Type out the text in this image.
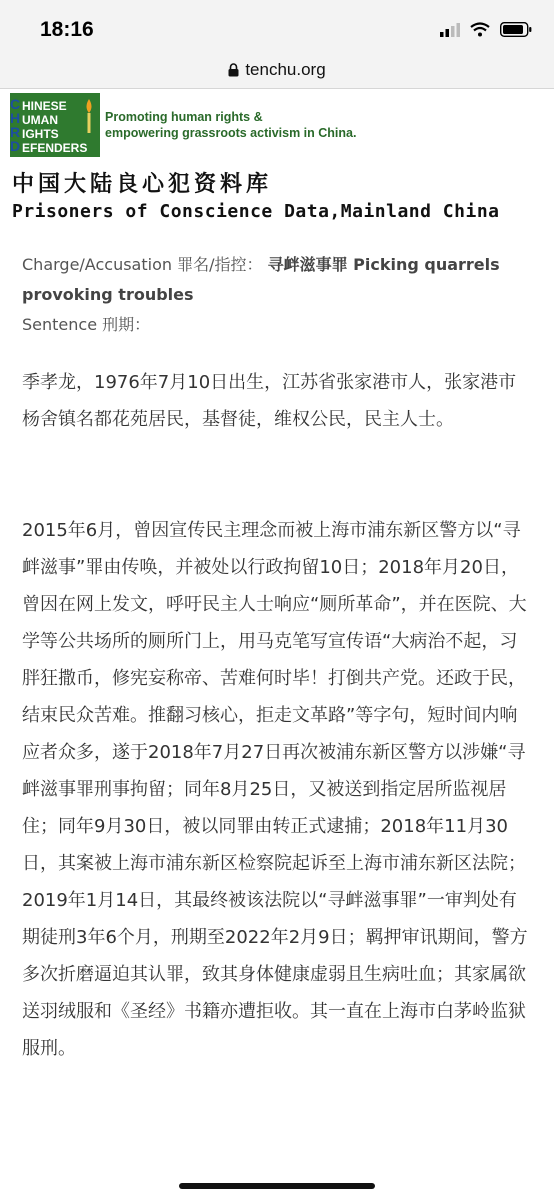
18:16
tenchu.org
C
H
R
D
HINESE
UMAN
IGHTS
EFENDERS
Promoting human rights &
empowering grassroots activism in China.
中国大陆良心犯资料库
Prisoners of Conscience Data,Mainland China
Charge/Accusation 罪名/指控： 寻衅滋事罪 Picking quarrels provoking troubles
Sentence 刑期：

季孝龙，1976年7月10日出生，江苏省张家港市人，张家港市杨舍镇名都花苑居民，基督徒，维权公民，民主人士。

2015年6月，曾因宣传民主理念而被上海市浦东新区警方以“寻衅滋事”罪由传唤，并被处以行政拘留10日；2018年月20日，曾因在网上发文，呼吁民主人士响应“厕所革命”，并在医院、大学等公共场所的厕所门上，用马克笔写宣传语“大病治不起，习胖狂撒币，修宪妄称帝、苦难何时毕！打倒共产党。还政于民，结束民众苦难。推翻习核心，拒走文革路”等字句，短时间内响应者众多，遂于2018年7月27日再次被浦东新区警方以涉嫌“寻衅滋事罪刑事拘留；同年8月25日，又被送到指定居所监视居住；同年9月30日，被以同罪由转正式逮捕；2018年11月30日，其案被上海市浦东新区检察院起诉至上海市浦东新区法院；

2019年1月14日，其最终被该法院以“寻衅滋事罪”一审判处有期徒刑3年6个月，刑期至2022年2月9日；羁押审讯期间，警方多次折磨逼迫其认罪，致其身体健康虚弱且生病吐血；其家属欲送羽绒服和《圣经》书籍亦遭拒收。其一直在上海市白茅岭监狱服刑。
